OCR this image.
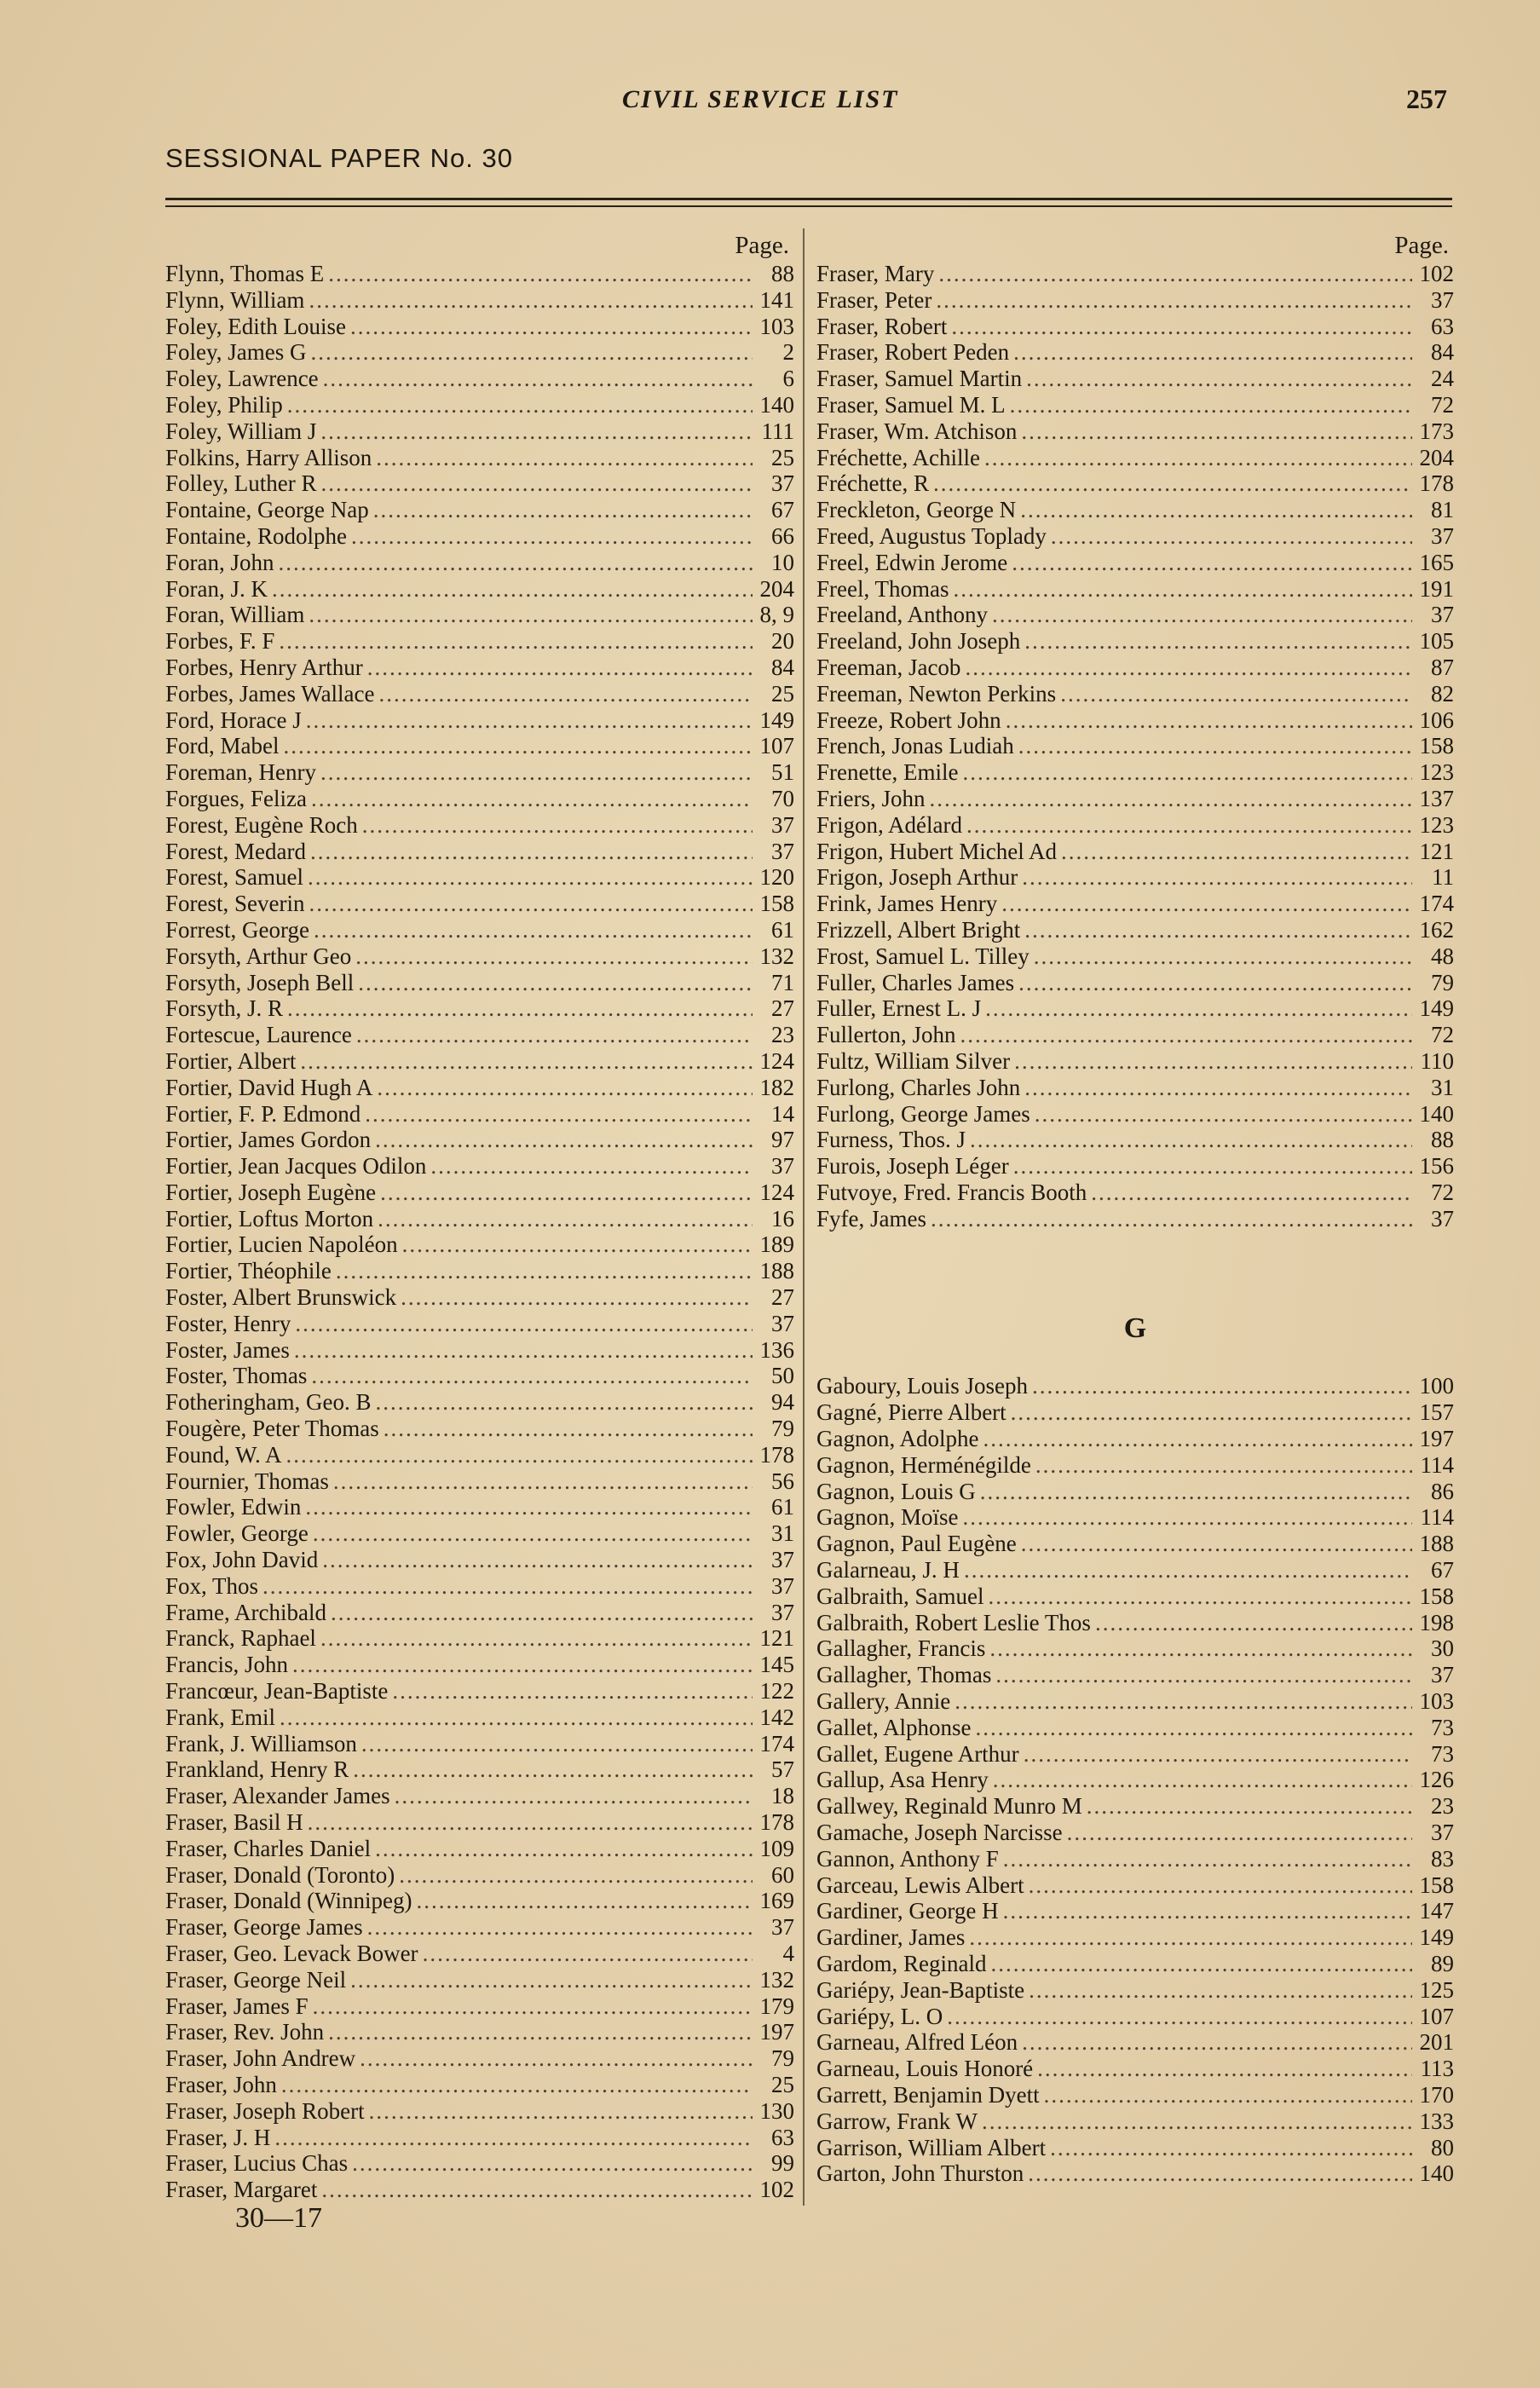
CIVIL SERVICE LIST	257
SESSIONAL PAPER No. 30
Page.
Flynn, Thomas E .....	88
Flynn, William .....	141
Foley, Edith Louise .....	103
Foley, James G .....	2
Foley, Lawrence .....	6
Foley, Philip .....	140
Foley, William J .....	111
Folkins, Harry Allison .....	25
Folley, Luther R .....	37
Fontaine, George Nap .....	67
Fontaine, Rodolphe .....	66
Foran, John .....	10
Foran, J. K .....	204
Foran, William .....	8, 9
Forbes, F. F .....	20
Forbes, Henry Arthur .....	84
Forbes, James Wallace .....	25
Ford, Horace J .....	149
Ford, Mabel .....	107
Foreman, Henry .....	51
Forgues, Feliza .....	70
Forest, Eugène Roch .....	37
Forest, Medard .....	37
Forest, Samuel .....	120
Forest, Severin .....	158
Forrest, George .....	61
Forsyth, Arthur Geo .....	132
Forsyth, Joseph Bell .....	71
Forsyth, J. R .....	27
Fortescue, Laurence .....	23
Fortier, Albert .....	124
Fortier, David Hugh A .....	182
Fortier, F. P. Edmond .....	14
Fortier, James Gordon .....	97
Fortier, Jean Jacques Odilon .....	37
Fortier, Joseph Eugène .....	124
Fortier, Loftus Morton .....	16
Fortier, Lucien Napoléon .....	189
Fortier, Théophile .....	188
Foster, Albert Brunswick .....	27
Foster, Henry .....	37
Foster, James .....	136
Foster, Thomas .....	50
Fotheringham, Geo. B .....	94
Fougère, Peter Thomas .....	79
Found, W. A .....	178
Fournier, Thomas .....	56
Fowler, Edwin .....	61
Fowler, George .....	31
Fox, John David .....	37
Fox, Thos .....	37
Frame, Archibald .....	37
Franck, Raphael .....	121
Francis, John .....	145
Francœur, Jean-Baptiste .....	122
Frank, Emil .....	142
Frank, J. Williamson .....	174
Frankland, Henry R .....	57
Fraser, Alexander James .....	18
Fraser, Basil H .....	178
Fraser, Charles Daniel .....	109
Fraser, Donald (Toronto) .....	60
Fraser, Donald (Winnipeg) .....	169
Fraser, George James .....	37
Fraser, Geo. Levack Bower .....	4
Fraser, George Neil .....	132
Fraser, James F .....	179
Fraser, Rev. John .....	197
Fraser, John Andrew .....	79
Fraser, John .....	25
Fraser, Joseph Robert .....	130
Fraser, J. H .....	63
Fraser, Lucius Chas .....	99
Fraser, Margaret .....	102
Page.
Fraser, Mary .....	102
Fraser, Peter .....	37
Fraser, Robert .....	63
Fraser, Robert Peden .....	84
Fraser, Samuel Martin .....	24
Fraser, Samuel M. L .....	72
Fraser, Wm. Atchison .....	173
Fréchette, Achille .....	204
Fréchette, R .....	178
Freckleton, George N .....	81
Freed, Augustus Toplady .....	37
Freel, Edwin Jerome .....	165
Freel, Thomas .....	191
Freeland, Anthony .....	37
Freeland, John Joseph .....	105
Freeman, Jacob .....	87
Freeman, Newton Perkins .....	82
Freeze, Robert John .....	106
French, Jonas Ludiah .....	158
Frenette, Emile .....	123
Friers, John .....	137
Frigon, Adélard .....	123
Frigon, Hubert Michel Ad .....	121
Frigon, Joseph Arthur .....	11
Frink, James Henry .....	174
Frizzell, Albert Bright .....	162
Frost, Samuel L. Tilley .....	48
Fuller, Charles James .....	79
Fuller, Ernest L. J .....	149
Fullerton, John .....	72
Fultz, William Silver .....	110
Furlong, Charles John .....	31
Furlong, George James .....	140
Furness, Thos. J .....	88
Furois, Joseph Léger .....	156
Futvoye, Fred. Francis Booth .....	72
Fyfe, James .....	37
G
Gaboury, Louis Joseph .....	100
Gagné, Pierre Albert .....	157
Gagnon, Adolphe .....	197
Gagnon, Herménégilde .....	114
Gagnon, Louis G .....	86
Gagnon, Moïse .....	114
Gagnon, Paul Eugène .....	188
Galarneau, J. H .....	67
Galbraith, Samuel .....	158
Galbraith, Robert Leslie Thos .....	198
Gallagher, Francis .....	30
Gallagher, Thomas .....	37
Gallery, Annie .....	103
Gallet, Alphonse .....	73
Gallet, Eugene Arthur .....	73
Gallup, Asa Henry .....	126
Gallwey, Reginald Munro M .....	23
Gamache, Joseph Narcisse .....	37
Gannon, Anthony F .....	83
Garceau, Lewis Albert .....	158
Gardiner, George H .....	147
Gardiner, James .....	149
Gardom, Reginald .....	89
Gariépy, Jean-Baptiste .....	125
Gariépy, L. O .....	107
Garneau, Alfred Léon .....	201
Garneau, Louis Honoré .....	113
Garrett, Benjamin Dyett .....	170
Garrow, Frank W .....	133
Garrison, William Albert .....	80
Garton, John Thurston .....	140
30—17
